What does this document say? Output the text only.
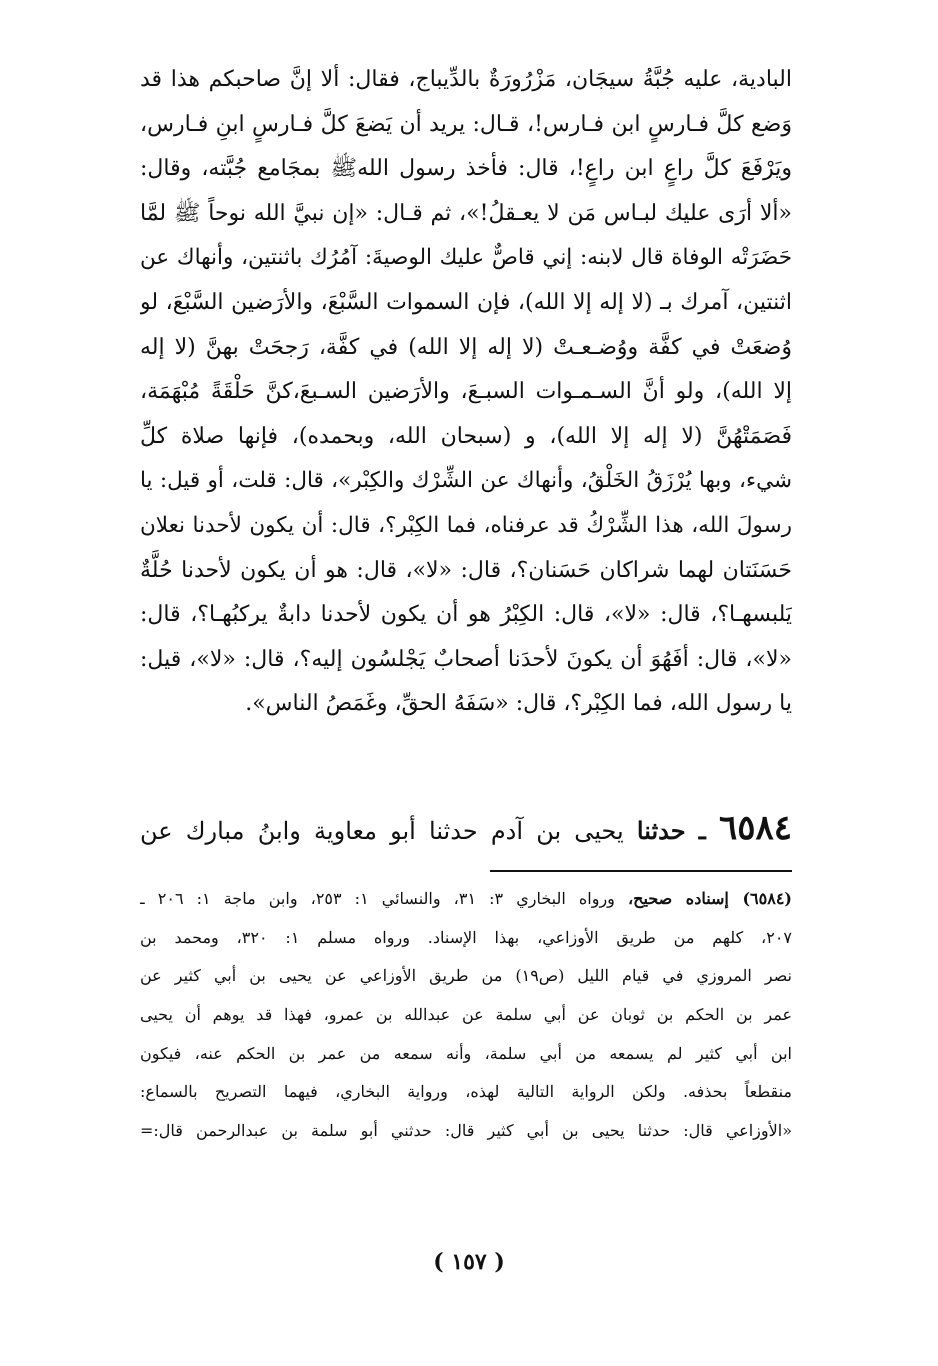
البادية، عليه جُبَّةُ سيجَان، مَزْرُورَةٌ بالدِّيباج، فقال: ألا إنَّ صاحبكم هذا قد
وَضع كلَّ فـارسٍ ابن فـارس!، قـال: يريد أن يَضعَ كلَّ فـارسٍ ابنِ فـارس،
ويَرْفَعَ كلَّ راعٍ ابن راعٍ!، قال: فأخذ رسول اللهﷺ بمجَامع جُبَّته، وقال:
«ألا أرَى عليك لبـاس مَن لا يعـقلُ!»، ثم قـال: «إن نبيَّ الله نوحاً ﷺ لمَّا
حَضَرَتْه الوفاة قال لابنه: إني قاصٌّ عليك الوصيةَ: آمُرُك باثنتين، وأنهاك عن
اثنتين، آمرك بـ (لا إله إلا الله)، فإن السموات السَّبْعَ، والأرَضين السَّبْعَ، لو
وُضعَتْ في كفَّة ووُضـعـتْ (لا إله إلا الله) في كفَّة، رَجحَتْ بهنَّ (لا إله
إلا الله)، ولو أنَّ السـمـوات السبـعَ، والأرَضين السـبعَ،كنَّ حَلْقَةً مُبْهَمَة،
فَصَمَتْهُنَّ (لا إله إلا الله)، و (سبحان الله، وبحمده)، فإنها صلاة كلِّ
شيء، وبها يُرْزَقُ الخَلْقُ، وأنهاك عن الشِّرْك والكِبْر»، قال: قلت، أو قيل: يا
رسولَ الله، هذا الشِّرْكُ قد عرفناه، فما الكِبْر؟، قال: أن يكون لأحدنا نعلان
حَسَنَتان لهما شراكان حَسَنان؟، قال: «لا»، قال: هو أن يكون لأحدنا حُلَّةٌ
يَلبسهـا؟، قال: «لا»، قال: الكِبْرُ هو أن يكون لأحدنا دابةٌ يركبُهـا؟، قال:
«لا»، قال: أفَهُوَ أن يكونَ لأحدَنا أصحابٌ يَجْلسُون إليه؟، قال: «لا»، قيل:
يا رسول الله، فما الكِبْر؟، قال: «سَفَهُ الحقِّ، وغَمَصُ الناس».
٦٥٨٤ ـ حدثنا يحيى بن آدم حدثنا أبو معاوية وابنُ مبارك عن
(٦٥٨٤) إسناده صحيح، ورواه البخاري ٣: ٣١، والنسائي ١: ٢٥٣، وابن ماجة ١: ٢٠٦ ـ
٢٠٧، كلهم من طريق الأوزاعي، بهذا الإسناد. ورواه مسلم ١: ٣٢٠، ومحمد بن
نصر المروزي في قيام الليل (ص١٩) من طريق الأوزاعي عن يحيى بن أبي كثير عن
عمر بن الحكم بن ثوبان عن أبي سلمة عن عبدالله بن عمرو، فهذا قد يوهم أن يحيى
ابن أبي كثير لم يسمعه من أبي سلمة، وأنه سمعه من عمر بن الحكم عنه، فيكون
منقطعاً بحذفه. ولكن الرواية التالية لهذه، ورواية البخاري، فيهما التصريح بالسماع:
«الأوزاعي قال: حدثنا يحيى بن أبي كثير قال: حدثني أبو سلمة بن عبدالرحمن قال:=
( ١٥٧ )
